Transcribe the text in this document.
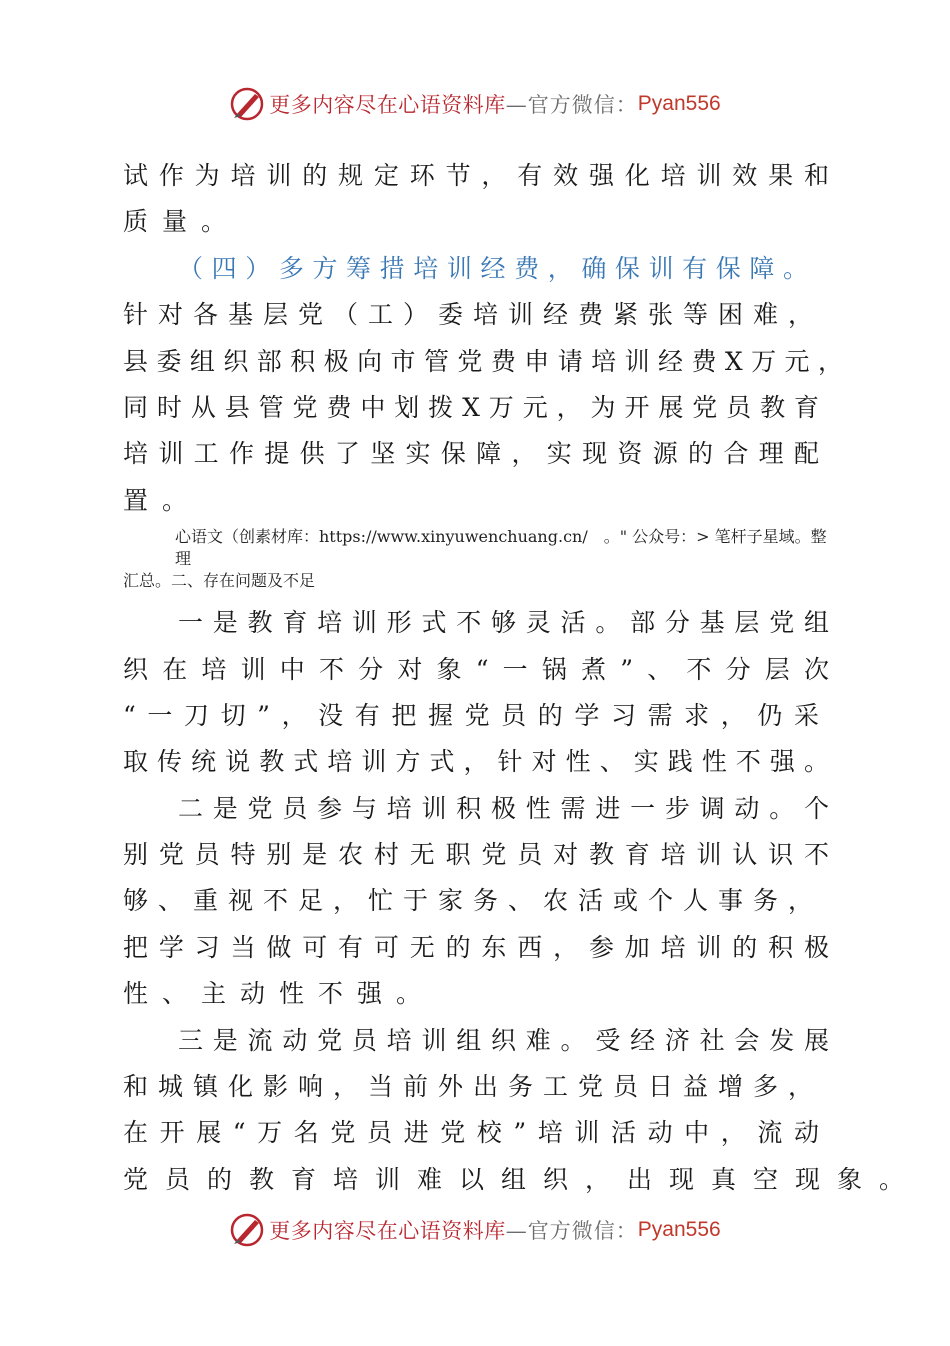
更多内容尽在心语资料库 —官方微信： Pyan556
试作为培训的规定环节，有效强化培训效果和
质量。
（四）多方筹措培训经费，确保训有保障。
针对各基层党（工）委培训经费紧张等困难，
县委组织部积极向市管党费申请培训经费X万元，
同时从县管党费中划拨X万元，为开展党员教育
培训工作提供了坚实保障，实现资源的合理配
置。
心语文（创素材库：https://www.xinyuwenchuang.cn/　。" 公众号：> 笔杆子星域。整理
汇总。二、存在问题及不足
一是教育培训形式不够灵活。部分基层党组
织在培训中不分对象“一锅煮”、不分层次
“一刀切”，没有把握党员的学习需求，仍采
取传统说教式培训方式，针对性、实践性不强。
二是党员参与培训积极性需进一步调动。个
别党员特别是农村无职党员对教育培训认识不
够、重视不足，忙于家务、农活或个人事务，
把学习当做可有可无的东西，参加培训的积极
性、主动性不强。
三是流动党员培训组织难。受经济社会发展
和城镇化影响，当前外出务工党员日益增多，
在开展“万名党员进党校”培训活动中，流动
党员的教育培训难以组织，出现真空现象。
更多内容尽在心语资料库 —官方微信： Pyan556
